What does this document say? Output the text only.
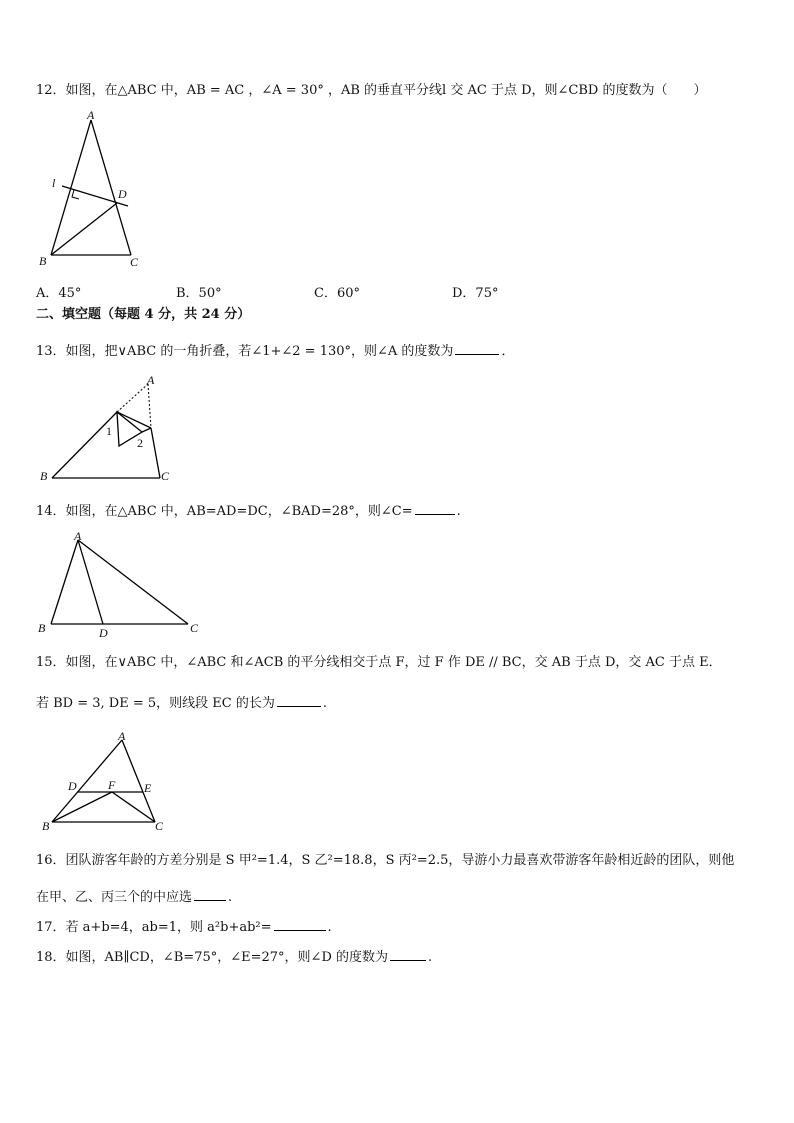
12．如图，在△ABC 中，AB = AC ，∠A = 30° ，AB 的垂直平分线l 交 AC 于点 D，则∠CBD 的度数为（　　）
A
B	C
D
l
A．45°	B．50°	C．60°	D．75°
二、填空题（每题 4 分，共 24 分）
13．如图，把∨ABC 的一角折叠，若∠1+∠2 = 130°，则∠A 的度数为	．
A
B	C
1
2
14．如图，在△ABC 中，AB=AD=DC，∠BAD=28°，则∠C=	.
A
B	C
D
15．如图，在∨ABC 中，∠ABC 和∠ACB 的平分线相交于点 F，过 F 作 DE // BC，交 AB 于点 D，交 AC 于点 E．
若 BD = 3, DE = 5，则线段 EC 的长为	.
A
B	C
D	E
F
16．团队游客年龄的方差分别是 S 甲²=1.4，S 乙²=18.8，S 丙²=2.5，导游小力最喜欢带游客年龄相近龄的团队，则他
在甲、乙、丙三个的中应选	.
17．若 a+b=4，ab=1，则 a²b+ab²=	.
18．如图，AB∥CD，∠B=75°，∠E=27°，则∠D 的度数为	.
